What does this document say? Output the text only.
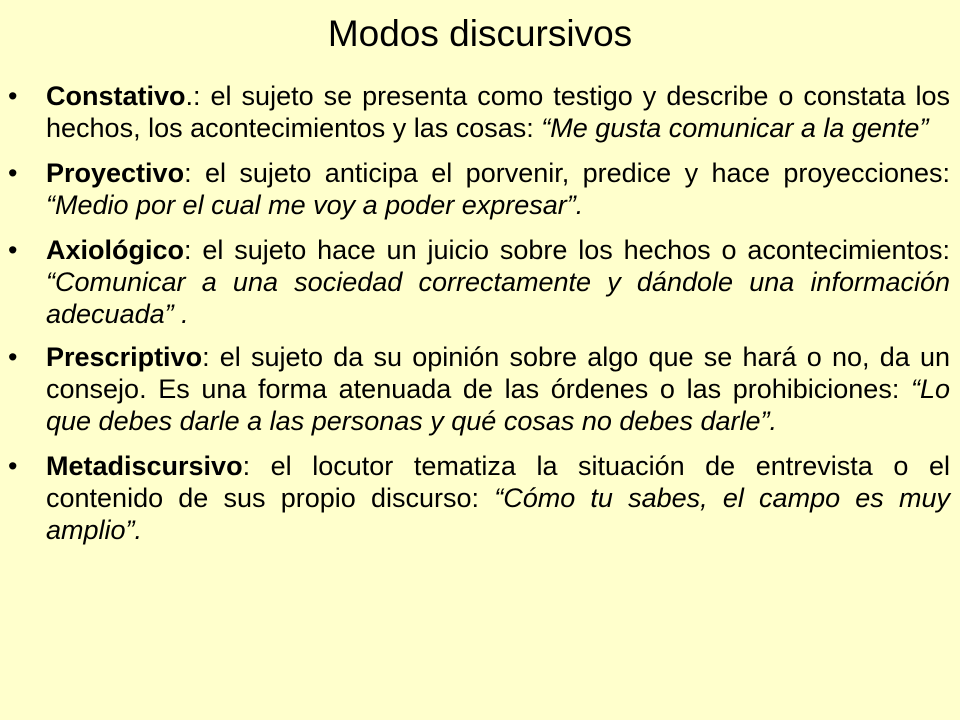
Modos discursivos
•	Constativo.: el sujeto se presenta como testigo y describe o constata los hechos, los acontecimientos y las cosas: “Me gusta comunicar a la gente”
•	Proyectivo: el sujeto anticipa el porvenir, predice y hace proyecciones: “Medio por el cual me voy a poder expresar”.
•	Axiológico: el sujeto hace un juicio sobre los hechos o acontecimientos: “Comunicar a una sociedad correctamente y dándole una información adecuada” .
•	Prescriptivo: el sujeto da su opinión sobre algo que se hará o no, da un consejo. Es una forma atenuada de las órdenes o las prohibiciones: “Lo que debes darle a las personas y qué cosas no debes darle”.
•	Metadiscursivo: el locutor tematiza la situación de entrevista o el contenido de sus propio discurso: “Cómo tu sabes, el campo es muy amplio”.
